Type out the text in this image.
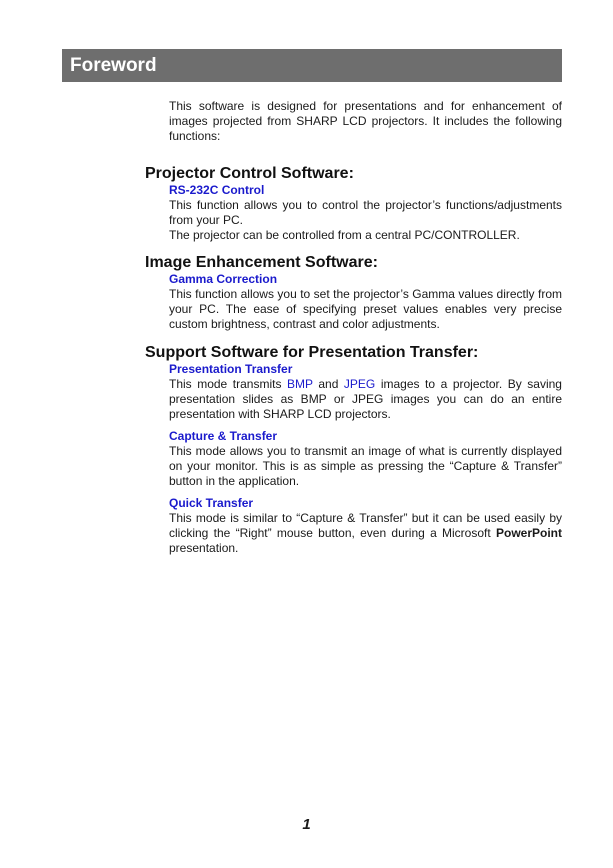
Foreword

This software is designed for presentations and for enhancement of images projected from SHARP LCD projectors. It includes the following functions:

Projector Control Software:

RS-232C Control

This function allows you to control the projector’s functions/adjustments from your PC.

The projector can be controlled from a central PC/CONTROLLER.

Image Enhancement Software:

Gamma Correction

This function allows you to set the projector’s Gamma values directly from your PC. The ease of specifying preset values enables very precise custom brightness, contrast and color adjustments.

Support Software for Presentation Transfer:

Presentation Transfer

This mode transmits BMP and JPEG images to a projector. By saving presentation slides as BMP or JPEG images you can do an entire presentation with SHARP LCD projectors.

Capture & Transfer

This mode allows you to transmit an image of what is currently displayed on your monitor. This is as simple as pressing the “Capture & Transfer” button in the application.

Quick Transfer

This mode is similar to “Capture & Transfer” but it can be used easily by clicking the “Right” mouse button, even during a Microsoft PowerPoint presentation.

1
